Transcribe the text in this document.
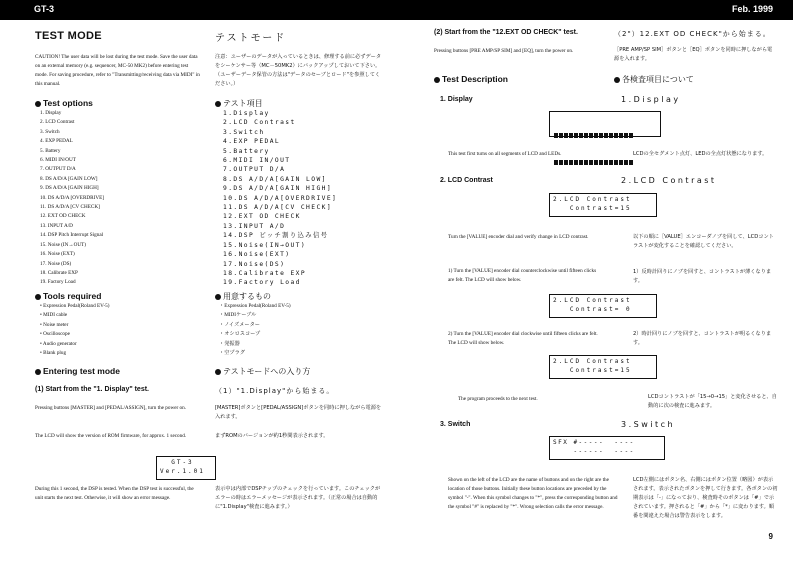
GT-3	Feb. 1999
TEST MODE	テストモード
CAUTION! The user data will be lost during the test mode. Save the user data on an external memory (e.g. sequencer, MC-50 MK2) before entering test mode. For saving procedure, refer to "Transmitting/receiving data via MIDI" in this manual.
注意：ユーザーのデータが入っているときは、修理する前に必ずデータをシーケンサー等（MC－50MK2）にバックアップしておいて下さい。（ユーザーデータ保管の方法は"データのセーブとロード"を参照してください。）
Test options	テスト項目
1. Display
2. LCD Contrast
3. Switch
4. EXP PEDAL
5. Battery
6. MIDI IN/OUT
7. OUTPUT D/A
8. DS A/D/A [GAIN LOW]
9. DS A/D/A [GAIN HIGH]
10. DS A/D/A [OVERDRIVE]
11. DS A/D/A [CV CHECK]
12. EXT OD CHECK
13. INPUT A/D
14. DSP Pitch Interrupt Signal
15. Noise (IN→OUT)
16. Noise (EXT)
17. Noise (DS)
18. Calibrate EXP
19. Factory Load
1.Display
2.LCD Contrast
3.Switch
4.EXP PEDAL
5.Battery
6.MIDI IN/OUT
7.OUTPUT D/A
8.DS A/D/A[GAIN LOW]
9.DS A/D/A[GAIN HIGH]
10.DS A/D/A[OVERDRIVE]
11.DS A/D/A[CV CHECK]
12.EXT OD CHECK
13.INPUT A/D
14.DSP ピッチ割り込み信号
15.Noise(IN→OUT)
16.Noise(EXT)
17.Noise(DS)
18.Calibrate EXP
19.Factory Load
Tools required	用意するもの
• Expression Pedal(Roland EV-5)
• MIDI cable
• Noise meter
• Oscilloscope
• Audio generator
• Blank plug
・Expression Pedal(Roland EV-5)
・MIDIケーブル
・ノイズメーター
・オシロスコープ
・発振器
・空プラグ
Entering test mode	テストモードへの入り方
(1) Start from the "1. Display" test.	（1）"1.Display"から始まる。
Pressing buttons [MASTER] and [PEDAL/ASSIGN], turn the power on.	[MASTER]ボタンと[PEDAL/ASSIGN]ボタンを同時に押しながら電源を入れます。
The LCD will show the version of ROM firmware, for approx. 1 second.	まずROMのバージョンが約1秒間表示されます。
GT-3
Ver.1.01
During this 1 second, the DSP is tested. When the DSP test is successful, the unit starts the next test. Otherwise, it will show an error message.
表示中は内部でDSPチップのチェックを行っています。このチェックがエラーの時はエラーメッセージが表示されます。（正常の場合は自動的に"1.Display"検査に進みます。）
(2) Start from the "12.EXT OD CHECK" test.	（2"）12.EXT OD CHECK"から始まる。
Pressing buttons [PRE AMP/SP SIM] and [EQ], turn the power on.	［PRE AMP/SP SIM］ボタンと［EQ］ボタンを同時に押しながら電源を入れます。
Test Description	各検査項目について
1. Display	1.Display

This test first turns on all segments of LCD and LEDs.	LCDの全セグメント点灯、LEDの全点灯状態になります。
2. LCD Contrast	2.LCD Contrast
2.LCD Contrast
Contrast=15
Turn the [VALUE] encoder dial and verify change in LCD contrast.	以下の順に［VALUE］エンコーダノブを回して、LCDコントラストが変化することを確認してください。
1) Turn the [VALUE] encoder dial counterclockwise until fifteen clicks are felt. The LCD will show below.
1）反時計回りにノブを回すと、コントラストが薄くなります。
2.LCD Contrast
Contrast= 0
2) Turn the [VALUE] encoder dial clockwise until fifteen clicks are felt. The LCD will show below.
2）時計回りにノブを回すと、コントラストが明るくなります。
2.LCD Contrast
Contrast=15
The program proceeds to the next test.	LCDコントラストが「15→0→15」と変化させると、自動的に次の検査に進みます。
3. Switch	3.Switch
SFX #-----  ----
------  ----
Shown on the left of the LCD are the name of buttons and on the right are the location of those buttons. Initially these button locations are preceded by the symbol "-". When this symbol changes to "*", press the corresponding button and the symbol "#" is replaced by "*". Wrong selection calls the error message.
LCD左側にはボタン名、右側にはボタン位置（略図）が表示されます。表示されたボタンを押して行きます。各ボタンの初期表示は「-」になっており、検査時そのボタンは「#」で示されています。押されると「#」から「*」に変わります。順番を間違えた場合は警告表示をします。
9
